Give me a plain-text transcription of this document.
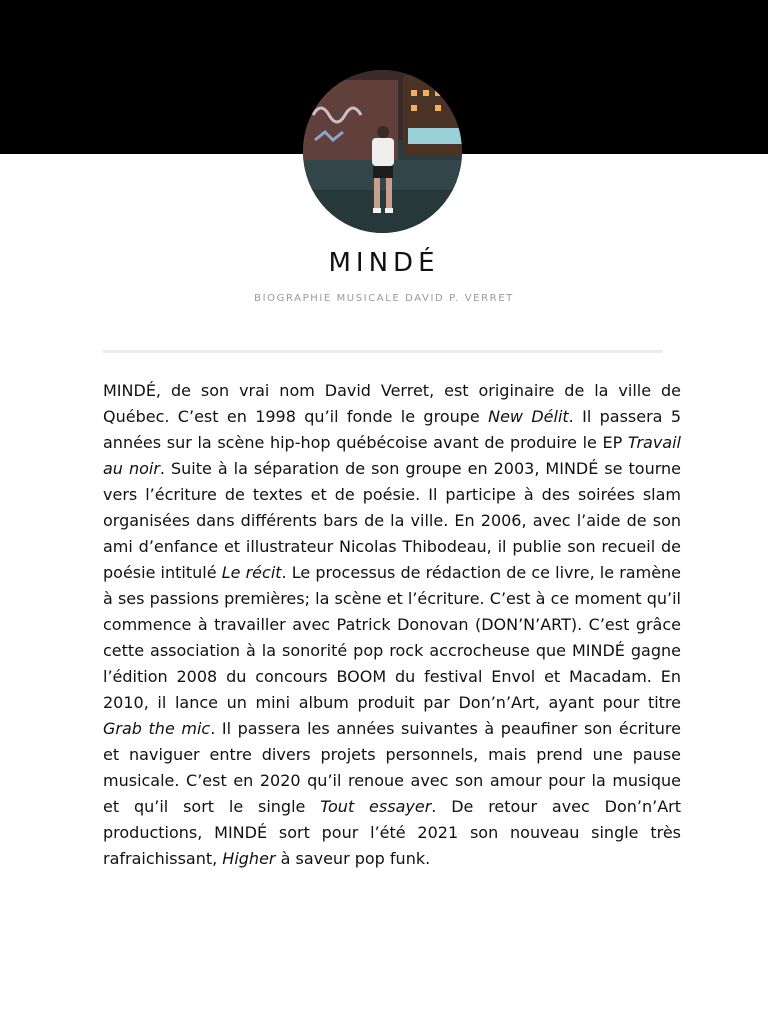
MINDÉ
BIOGRAPHIE MUSICALE DAVID P. VERRET

MINDÉ, de son vrai nom David Verret, est originaire de la ville de Québec. C’est en 1998 qu’il fonde le groupe New Délit. Il passera 5 années sur la scène hip-hop québécoise avant de produire le EP Travail au noir. Suite à la séparation de son groupe en 2003, MINDÉ se tourne vers l’écriture de textes et de poésie. Il participe à des soirées slam organisées dans différents bars de la ville. En 2006, avec l’aide de son ami d’enfance et illustrateur Nicolas Thibodeau, il publie son recueil de poésie intitulé Le récit. Le processus de rédaction de ce livre, le ramène à ses passions premières; la scène et l’écriture. C’est à ce moment qu’il commence à travailler avec Patrick Donovan (DON’N’ART). C’est grâce cette association à la sonorité pop rock accrocheuse que MINDÉ gagne l’édition 2008 du concours BOOM du festival Envol et Macadam. En 2010, il lance un mini album produit par Don’n’Art, ayant pour titre Grab the mic. Il passera les années suivantes à peaufiner son écriture et naviguer entre divers projets personnels, mais prend une pause musicale. C’est en 2020 qu’il renoue avec son amour pour la musique et qu’il sort le single Tout essayer. De retour avec Don’n’Art productions, MINDÉ sort pour l’été 2021 son nouveau single très rafraichissant, Higher à saveur pop funk.
